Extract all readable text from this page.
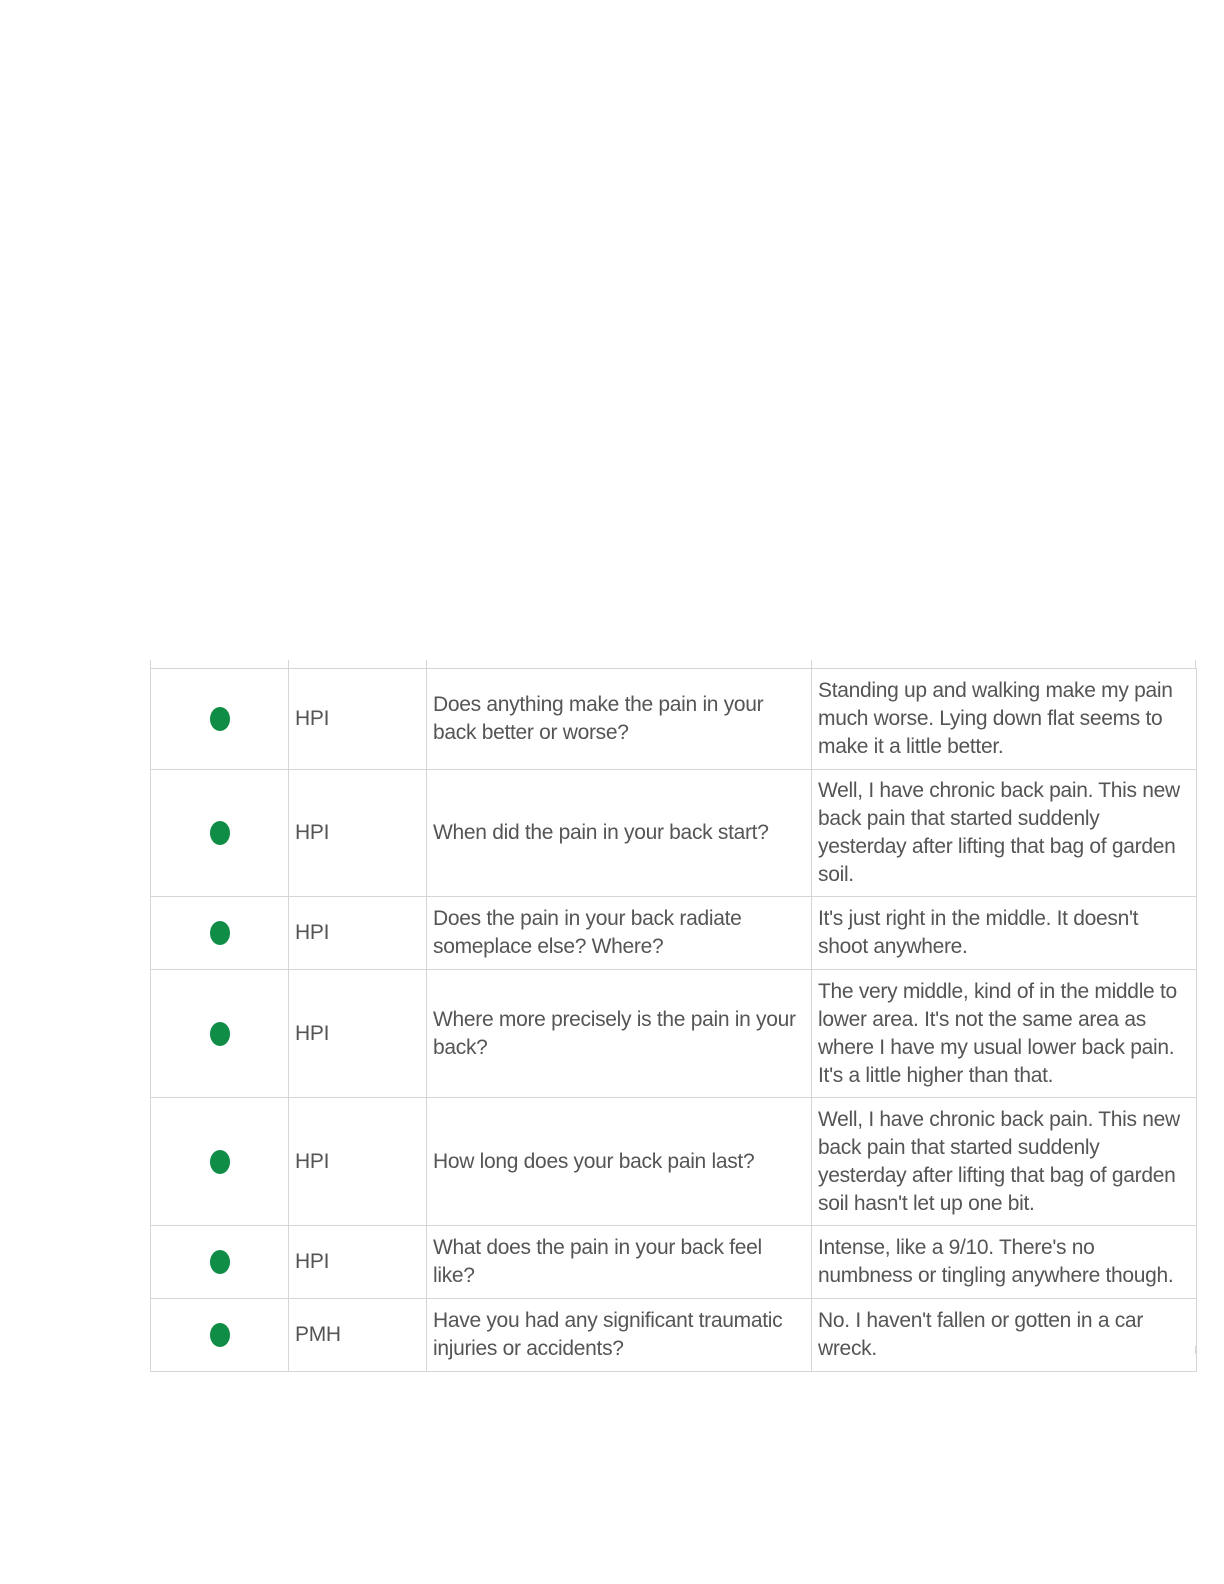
	HPI	Does anything make the pain in your back better or worse?	Standing up and walking make my pain much worse. Lying down flat seems to make it a little better.
	HPI	When did the pain in your back start?	Well, I have chronic back pain. This new back pain that started suddenly yesterday after lifting that bag of garden soil.
	HPI	Does the pain in your back radiate someplace else? Where?	It's just right in the middle. It doesn't shoot anywhere.
	HPI	Where more precisely is the pain in your back?	The very middle, kind of in the middle to lower area. It's not the same area as where I have my usual lower back pain. It's a little higher than that.
	HPI	How long does your back pain last?	Well, I have chronic back pain. This new back pain that started suddenly yesterday after lifting that bag of garden soil hasn't let up one bit.
	HPI	What does the pain in your back feel like?	Intense, like a 9/10. There's no numbness or tingling anywhere though.
	PMH	Have you had any significant traumatic injuries or accidents?	No. I haven't fallen or gotten in a car wreck.
